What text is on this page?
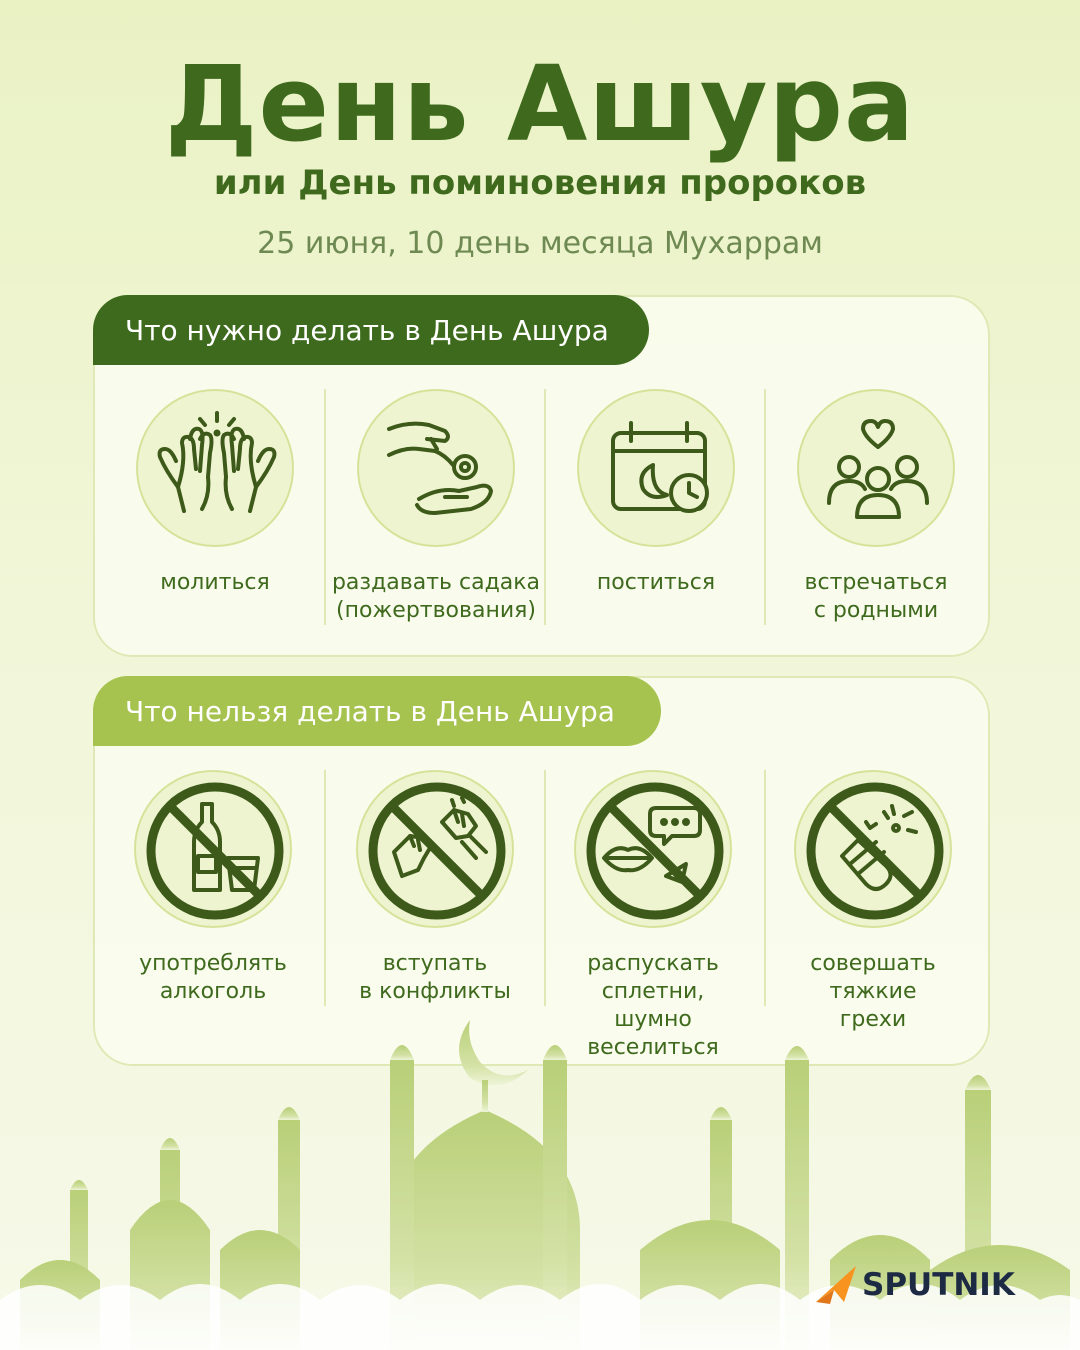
День Ашура
или День поминовения пророков
25 июня, 10 день месяца Мухаррам
Что нужно делать в День Ашура
молиться	раздавать садака
(пожертвования)
поститься	встречаться
с родными
Что нельзя делать в День Ашура
употреблять
алкоголь
вступать
в конфликты
распускать
сплетни,
шумно
веселиться
совершать
тяжкие
грехи
SPUTNIK
